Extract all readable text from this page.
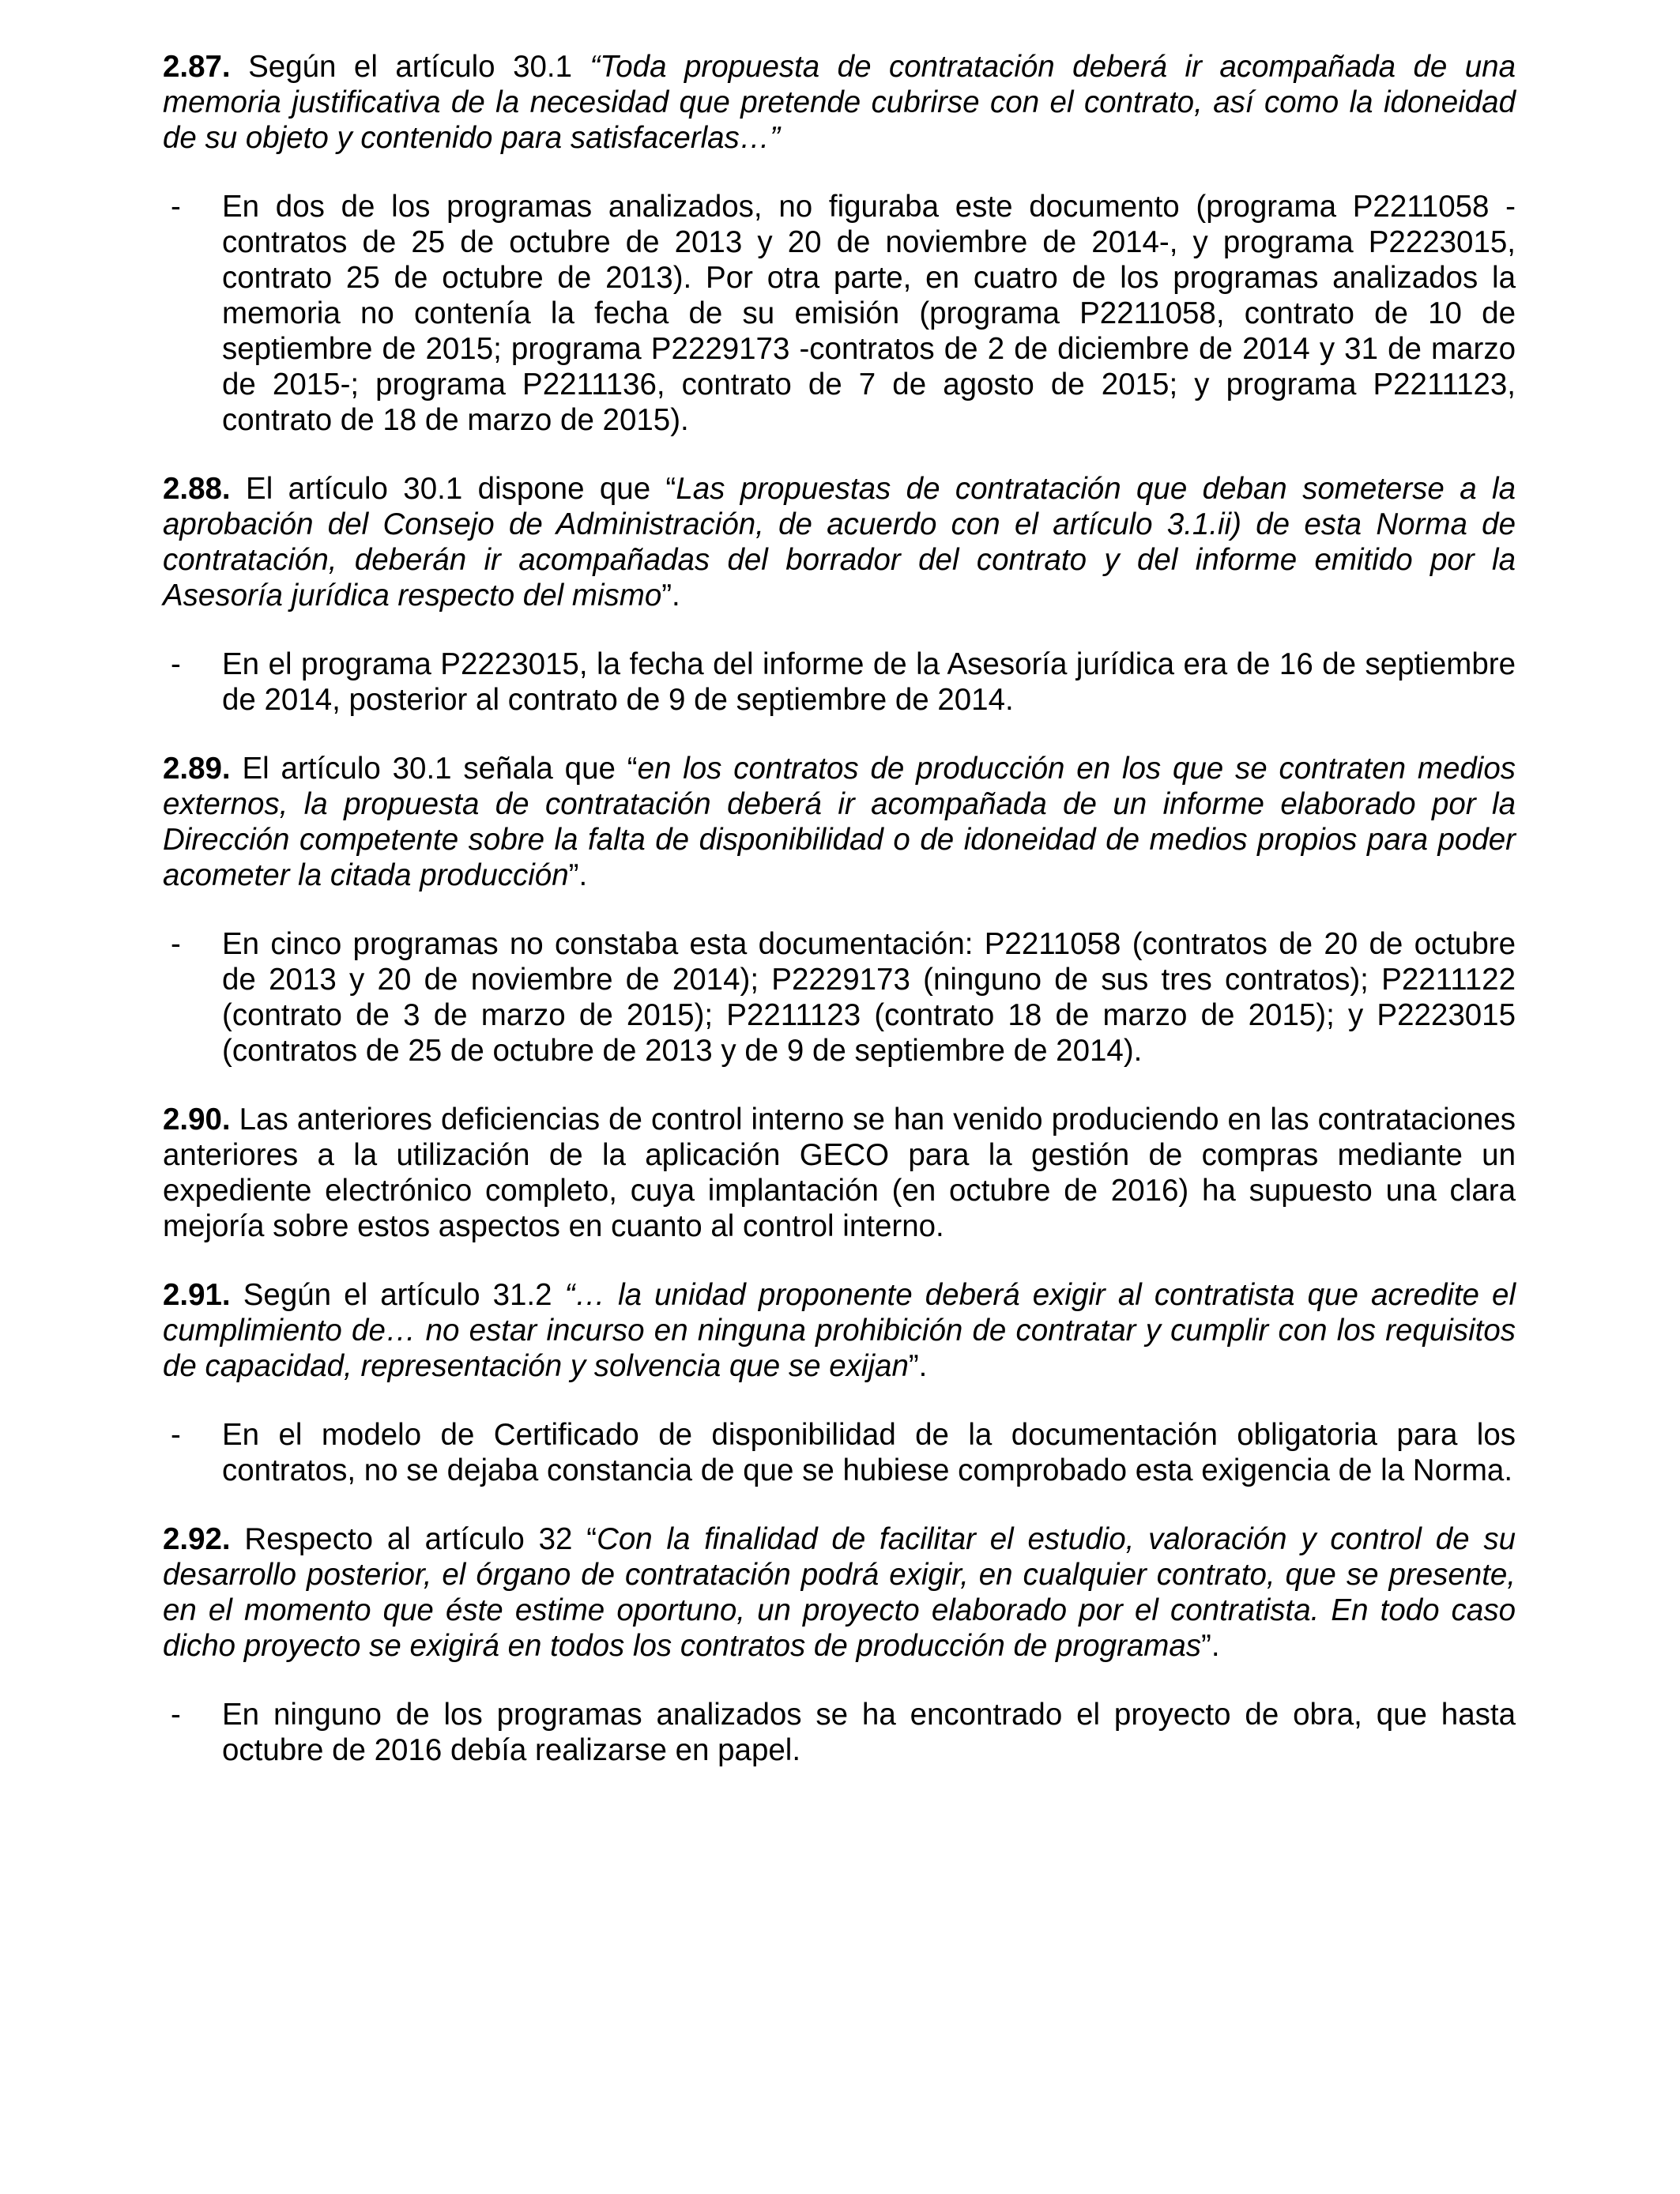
2.87. Según el artículo 30.1 “Toda propuesta de contratación deberá ir acompañada de una memoria justificativa de la necesidad que pretende cubrirse con el contrato, así como la idoneidad de su objeto y contenido para satisfacerlas…”

- En dos de los programas analizados, no figuraba este documento (programa P2211058 -contratos de 25 de octubre de 2013 y 20 de noviembre de 2014-, y programa P2223015, contrato 25 de octubre de 2013). Por otra parte, en cuatro de los programas analizados la memoria no contenía la fecha de su emisión (programa P2211058, contrato de 10 de septiembre de 2015; programa P2229173 -contratos de 2 de diciembre de 2014 y 31 de marzo de 2015-; programa P2211136, contrato de 7 de agosto de 2015; y programa P2211123, contrato de 18 de marzo de 2015).

2.88. El artículo 30.1 dispone que “Las propuestas de contratación que deban someterse a la aprobación del Consejo de Administración, de acuerdo con el artículo 3.1.ii) de esta Norma de contratación, deberán ir acompañadas del borrador del contrato y del informe emitido por la Asesoría jurídica respecto del mismo”.

- En el programa P2223015, la fecha del informe de la Asesoría jurídica era de 16 de septiembre de 2014, posterior al contrato de 9 de septiembre de 2014.

2.89. El artículo 30.1 señala que “en los contratos de producción en los que se contraten medios externos, la propuesta de contratación deberá ir acompañada de un informe elaborado por la Dirección competente sobre la falta de disponibilidad o de idoneidad de medios propios para poder acometer la citada producción”.

- En cinco programas no constaba esta documentación: P2211058 (contratos de 20 de octubre de 2013 y 20 de noviembre de 2014); P2229173 (ninguno de sus tres contratos); P2211122 (contrato de 3 de marzo de 2015); P2211123 (contrato 18 de marzo de 2015); y P2223015 (contratos de 25 de octubre de 2013 y de 9 de septiembre de 2014).

2.90. Las anteriores deficiencias de control interno se han venido produciendo en las contrataciones anteriores a la utilización de la aplicación GECO para la gestión de compras mediante un expediente electrónico completo, cuya implantación (en octubre de 2016) ha supuesto una clara mejoría sobre estos aspectos en cuanto al control interno.

2.91. Según el artículo 31.2 “… la unidad proponente deberá exigir al contratista que acredite el cumplimiento de… no estar incurso en ninguna prohibición de contratar y cumplir con los requisitos de capacidad, representación y solvencia que se exijan”.

- En el modelo de Certificado de disponibilidad de la documentación obligatoria para los contratos, no se dejaba constancia de que se hubiese comprobado esta exigencia de la Norma.

2.92. Respecto al artículo 32 “Con la finalidad de facilitar el estudio, valoración y control de su desarrollo posterior, el órgano de contratación podrá exigir, en cualquier contrato, que se presente, en el momento que éste estime oportuno, un proyecto elaborado por el contratista. En todo caso dicho proyecto se exigirá en todos los contratos de producción de programas”.

- En ninguno de los programas analizados se ha encontrado el proyecto de obra, que hasta octubre de 2016 debía realizarse en papel.
